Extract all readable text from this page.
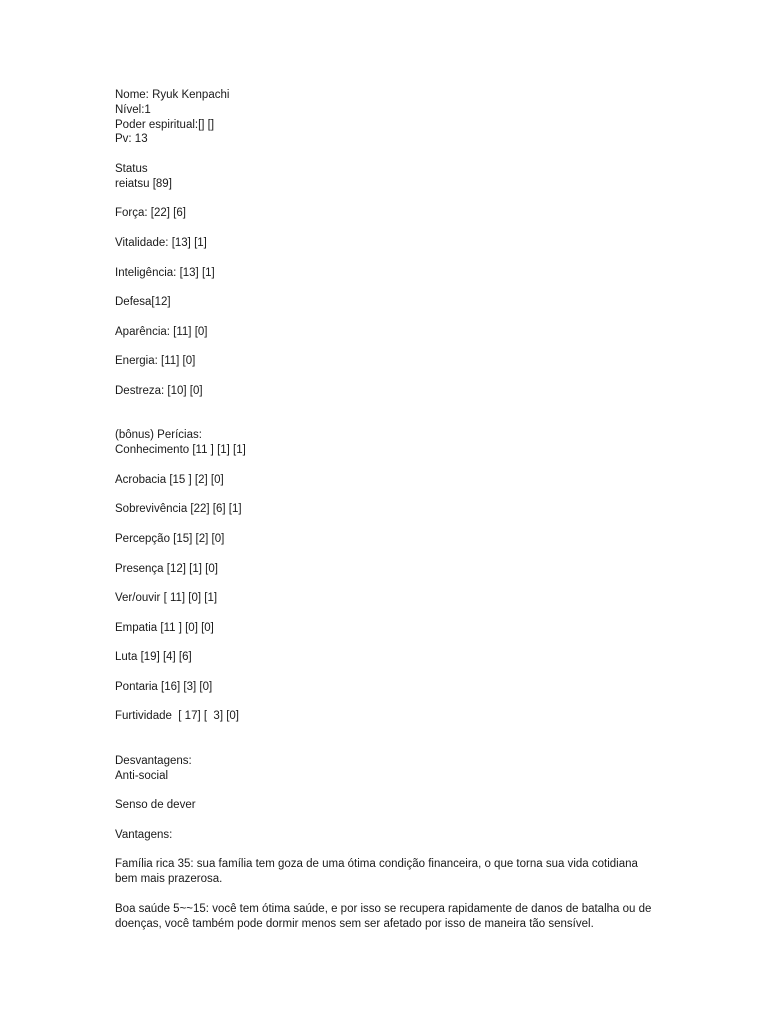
Nome: Ryuk Kenpachi
Nível:1
Poder espiritual:[] []
Pv: 13
Status
reiatsu [89]
Força: [22] [6]
Vitalidade: [13] [1]
Inteligência: [13] [1]
Defesa[12]
Aparência: [11] [0]
Energia: [11] [0]
Destreza: [10] [0]
(bônus) Perícias:
Conhecimento [11 ] [1] [1]
Acrobacia [15 ] [2] [0]
Sobrevivência [22] [6] [1]
Percepção [15] [2] [0]
Presença [12] [1] [0]
Ver/ouvir [ 11] [0] [1]
Empatia [11 ] [0] [0]
Luta [19] [4] [6]
Pontaria [16] [3] [0]
Furtividade  [ 17] [  3] [0]
Desvantagens:
Anti-social
Senso de dever
Vantagens:
Família rica 35: sua família tem goza de uma ótima condição financeira, o que torna sua vida cotidiana bem mais prazerosa.
Boa saúde 5~~15: você tem ótima saúde, e por isso se recupera rapidamente de danos de batalha ou de doenças, você também pode dormir menos sem ser afetado por isso de maneira tão sensível.
